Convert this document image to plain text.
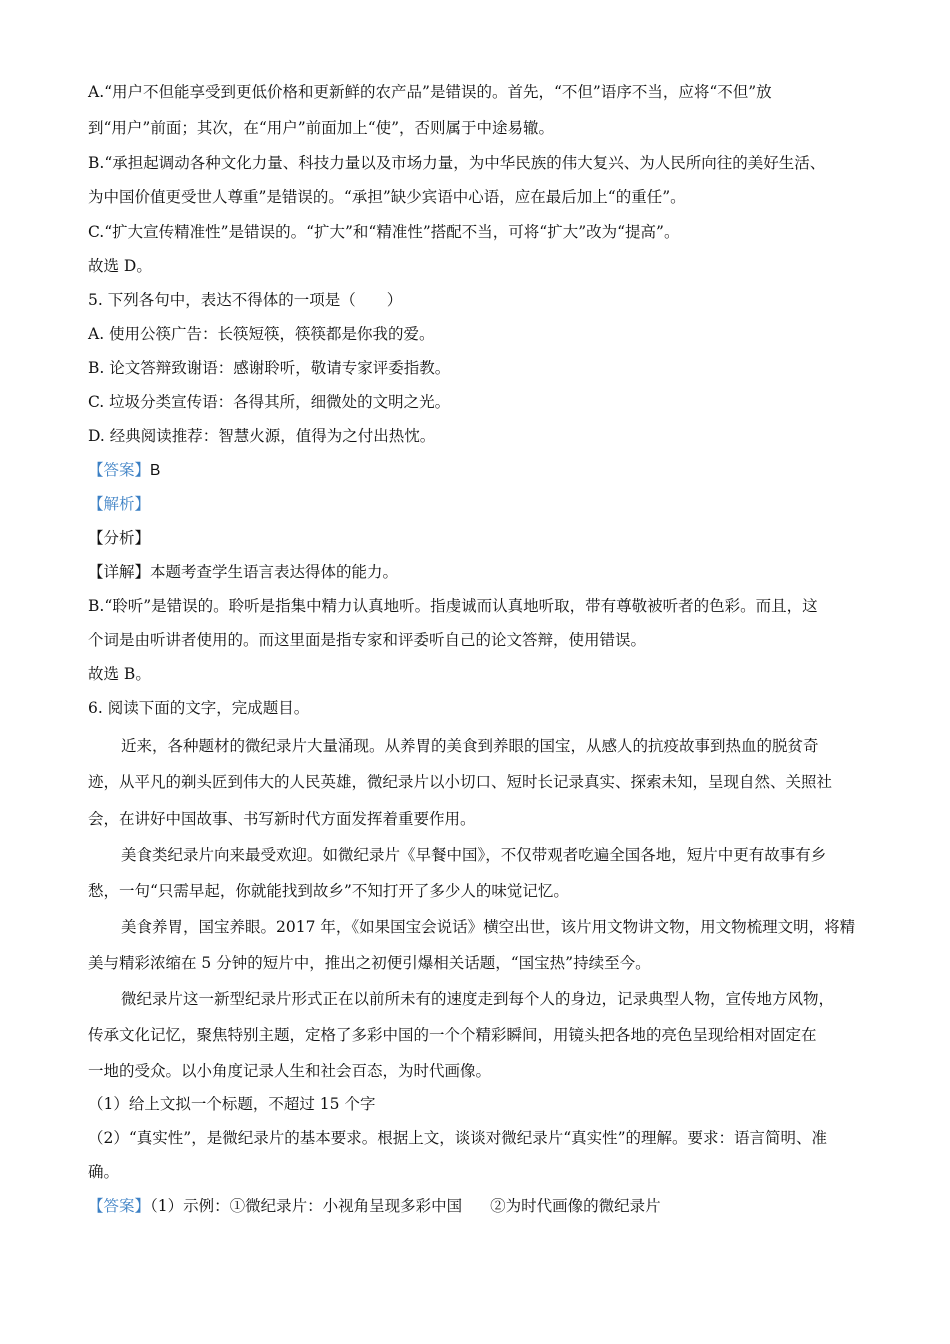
A.“用户不但能享受到更低价格和更新鲜的农产品”是错误的。首先，“不但”语序不当，应将“不但”放
到“用户”前面；其次，在“用户”前面加上“使”，否则属于中途易辙。
B.“承担起调动各种文化力量、科技力量以及市场力量，为中华民族的伟大复兴、为人民所向往的美好生活、
为中国价值更受世人尊重”是错误的。“承担”缺少宾语中心语，应在最后加上“的重任”。
C.“扩大宣传精准性”是错误的。“扩大”和“精准性”搭配不当，可将“扩大”改为“提高”。
故选 D。
5. 下列各句中，表达不得体的一项是（　　）
A. 使用公筷广告：长筷短筷，筷筷都是你我的爱。
B. 论文答辩致谢语：感谢聆听，敬请专家评委指教。
C. 垃圾分类宣传语：各得其所，细微处的文明之光。
D. 经典阅读推荐：智慧火源，值得为之付出热忱。
【答案】B
【解析】
【分析】
【详解】本题考查学生语言表达得体的能力。
B.“聆听”是错误的。聆听是指集中精力认真地听。指虔诚而认真地听取，带有尊敬被听者的色彩。而且，这
个词是由听讲者使用的。而这里面是指专家和评委听自己的论文答辩，使用错误。
故选 B。
6. 阅读下面的文字，完成题目。
近来，各种题材的微纪录片大量涌现。从养胃的美食到养眼的国宝，从感人的抗疫故事到热血的脱贫奇
迹，从平凡的剃头匠到伟大的人民英雄，微纪录片以小切口、短时长记录真实、探索未知，呈现自然、关照社
会，在讲好中国故事、书写新时代方面发挥着重要作用。
美食类纪录片向来最受欢迎。如微纪录片《早餐中国》，不仅带观者吃遍全国各地，短片中更有故事有乡
愁，一句“只需早起，你就能找到故乡”不知打开了多少人的味觉记忆。
美食养胃，国宝养眼。2017 年，《如果国宝会说话》横空出世，该片用文物讲文物，用文物梳理文明，将精
美与精彩浓缩在 5 分钟的短片中，推出之初便引爆相关话题，“国宝热”持续至今。
微纪录片这一新型纪录片形式正在以前所未有的速度走到每个人的身边，记录典型人物，宣传地方风物，
传承文化记忆，聚焦特别主题，定格了多彩中国的一个个精彩瞬间，用镜头把各地的亮色呈现给相对固定在
一地的受众。以小角度记录人生和社会百态，为时代画像。
（1）给上文拟一个标题，不超过 15 个字
（2）“真实性”，是微纪录片的基本要求。根据上文，谈谈对微纪录片“真实性”的理解。要求：语言简明、准
确。
【答案】（1）示例：①微纪录片：小视角呈现多彩中国 ②为时代画像的微纪录片
